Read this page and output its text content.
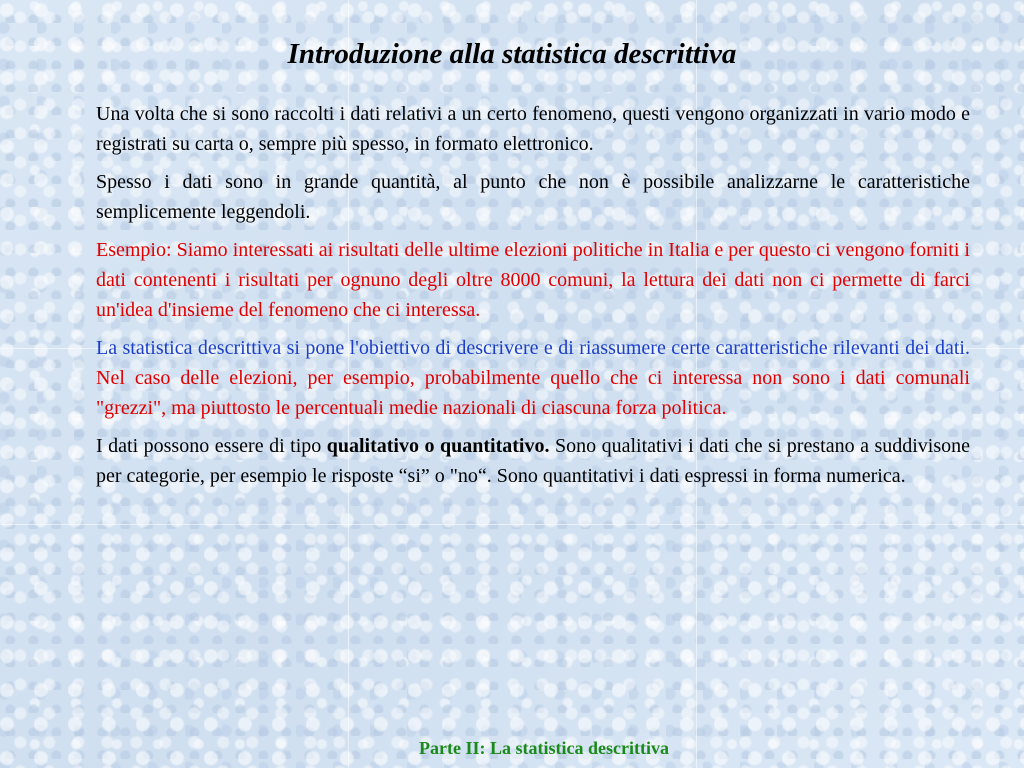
Introduzione alla statistica descrittiva

Una volta che si sono raccolti i dati relativi a un certo fenomeno, questi vengono organizzati in vario modo e registrati su carta o, sempre più spesso, in formato elettronico.

Spesso i dati sono in grande quantità, al punto che non è possibile analizzarne le caratteristiche semplicemente leggendoli.

Esempio: Siamo interessati ai risultati delle ultime elezioni politiche in Italia e per questo ci vengono forniti i dati contenenti i risultati per ognuno degli oltre 8000 comuni, la lettura dei dati non ci permette di farci un'idea d'insieme del fenomeno che ci interessa.

La statistica descrittiva si pone l'obiettivo di descrivere e di riassumere certe caratteristiche rilevanti dei dati. Nel caso delle elezioni, per esempio, probabilmente quello che ci interessa non sono i dati comunali "grezzi", ma piuttosto le percentuali medie nazionali di ciascuna forza politica.

I dati possono essere di tipo qualitativo o quantitativo. Sono qualitativi i dati che si prestano a suddivisone per categorie, per esempio le risposte “si” o "no“. Sono quantitativi i dati espressi in forma numerica.

Parte II: La statistica descrittiva
